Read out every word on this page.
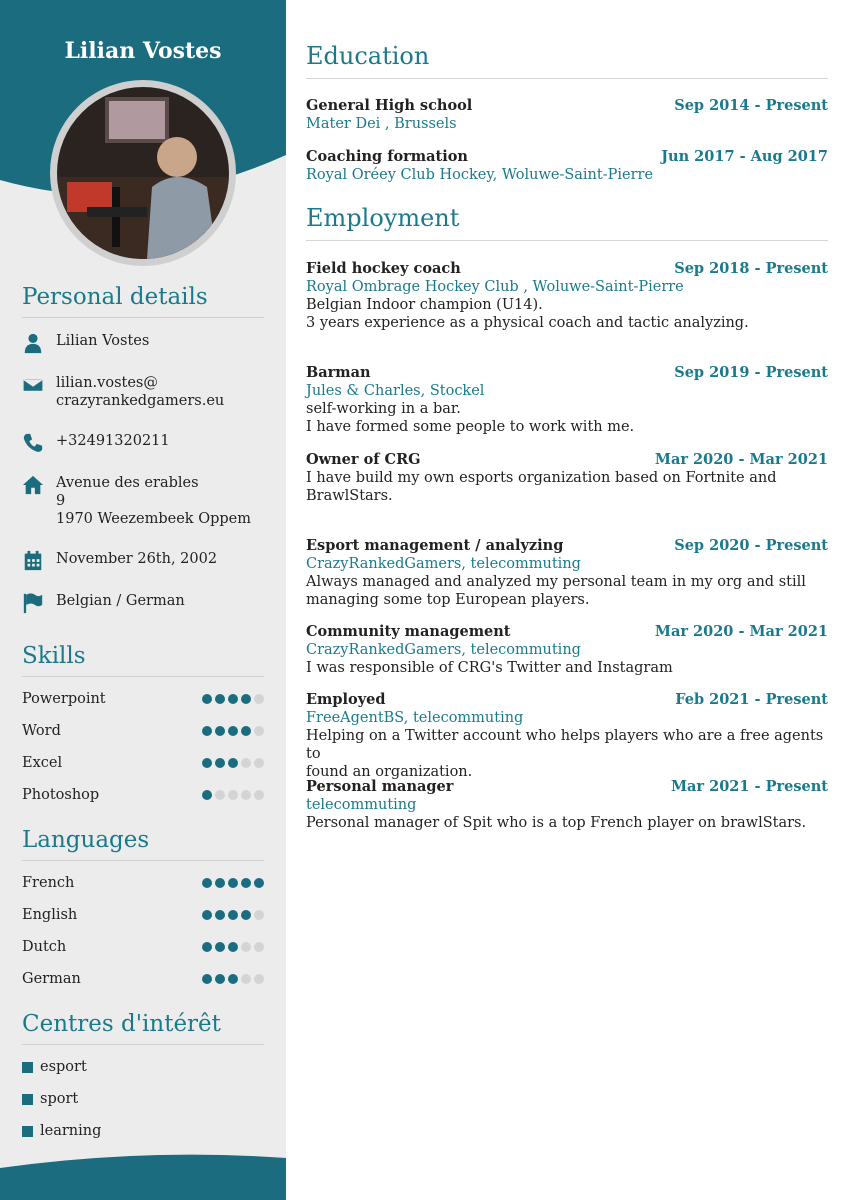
Lilian Vostes
Personal details
Lilian Vostes
lilian.vostes@
crazyrankedgamers.eu
+32491320211
Avenue des erables
9
1970 Weezembeek Oppem
November 26th, 2002
Belgian / German
Skills
Powerpoint
Word
Excel
Photoshop
Languages
French
English
Dutch
German
Centres d'intérêt
esport
sport
learning
Education
General High school	Sep 2014 - Present
Mater Dei , Brussels
Coaching formation	Jun 2017 - Aug 2017
Royal Oréey Club Hockey, Woluwe-Saint-Pierre
Employment
Field hockey coach	Sep 2018 - Present
Royal Ombrage Hockey Club , Woluwe-Saint-Pierre
Belgian Indoor champion (U14).
3 years experience as a physical coach and tactic analyzing.
Barman	Sep 2019 - Present
Jules & Charles, Stockel
self-working in a bar.
I have formed some people to work with me.
Owner of CRG	Mar 2020 - Mar 2021
I have build my own esports organization based on Fortnite and
BrawlStars.
Esport management / analyzing	Sep 2020 - Present
CrazyRankedGamers, telecommuting
Always managed and analyzed my personal team in my org and still
managing some top European players.
Community management	Mar 2020 - Mar 2021
CrazyRankedGamers, telecommuting
I was responsible of CRG's Twitter and Instagram
Employed	Feb 2021 - Present
FreeAgentBS, telecommuting
Helping on a Twitter account who helps players who are a free agents to
found an organization.
Personal manager	Mar 2021 - Present
telecommuting
Personal manager of Spit who is a top French player on brawlStars.
